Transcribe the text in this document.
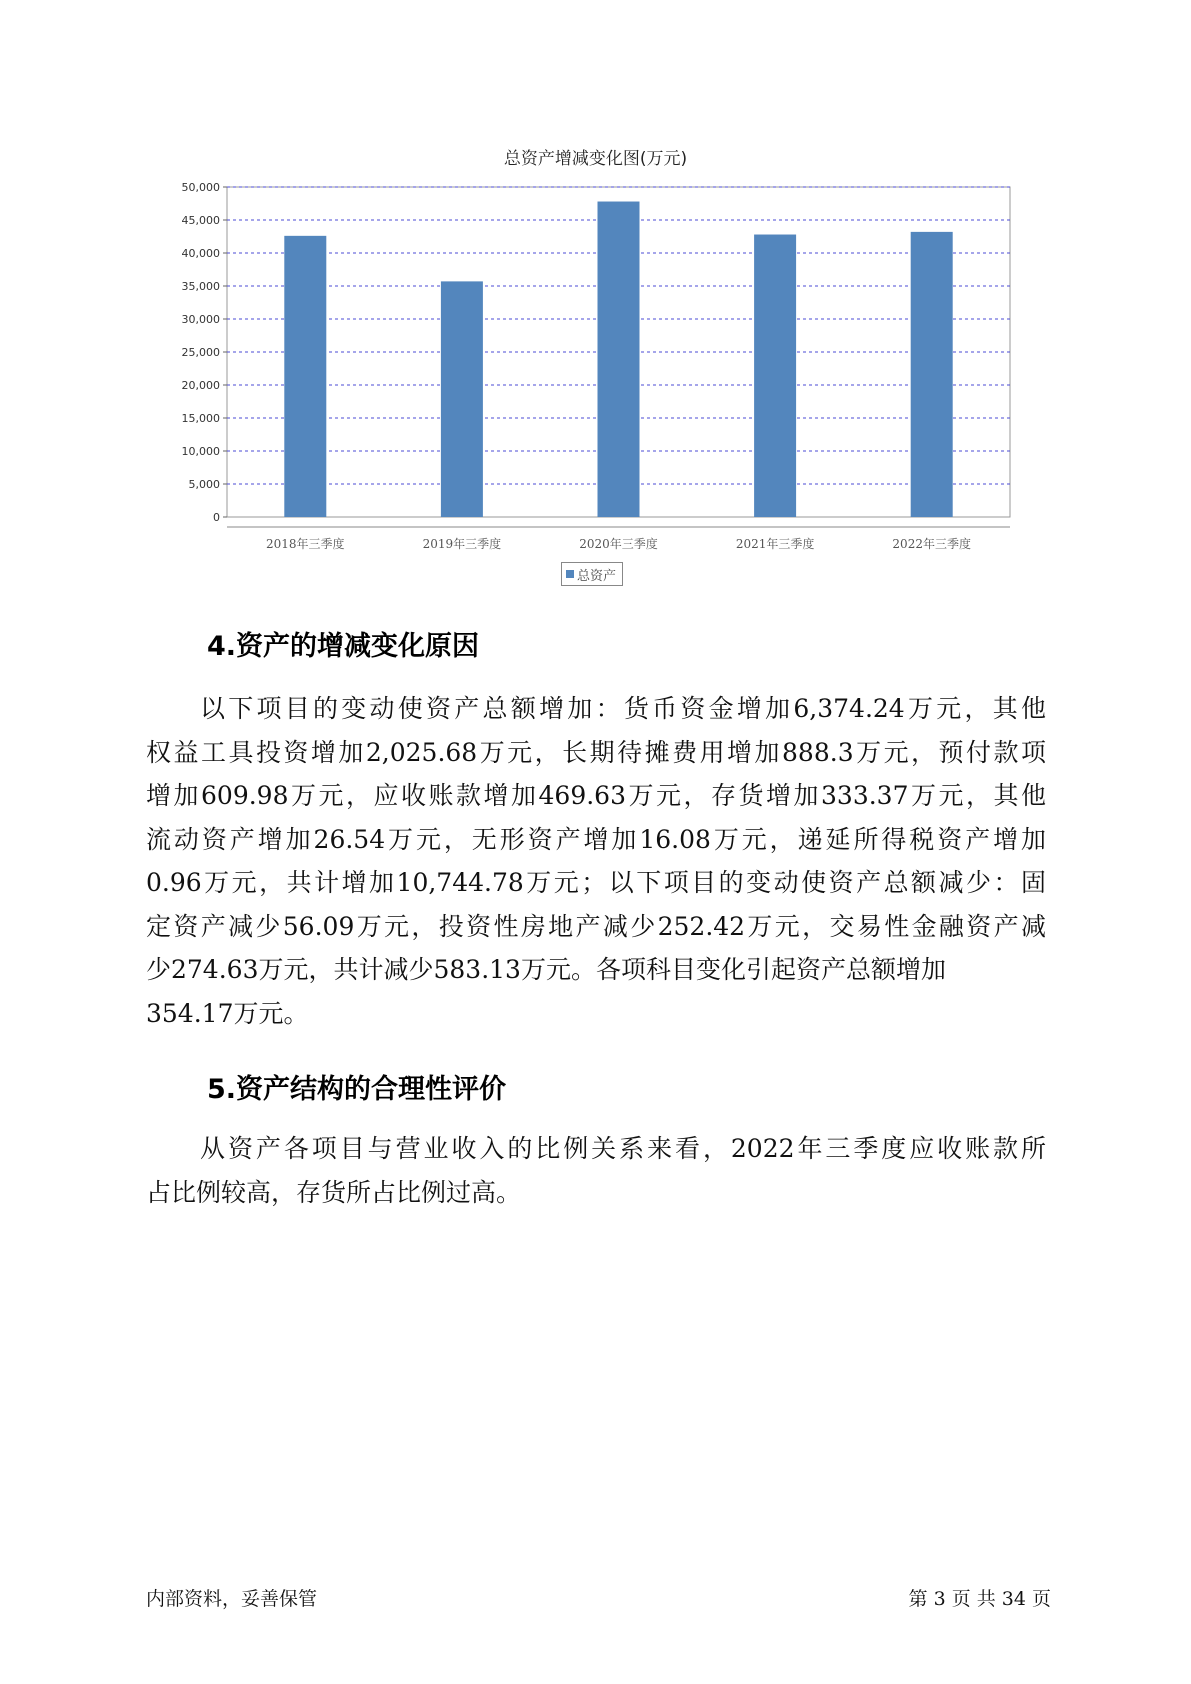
总资产增减变化图(万元)
0
5,000
10,000
15,000
20,000
25,000
30,000
35,000
40,000
45,000
50,000
2018年三季度	2019年三季度	2020年三季度	2021年三季度	2022年三季度
总资产
4.资产的增减变化原因
以下项目的变动使资产总额增加：货币资金增加6,374.24万元，其他
权益工具投资增加2,025.68万元，长期待摊费用增加888.3万元，预付款项
增加609.98万元，应收账款增加469.63万元，存货增加333.37万元，其他
流动资产增加26.54万元，无形资产增加16.08万元，递延所得税资产增加
0.96万元，共计增加10,744.78万元；以下项目的变动使资产总额减少：固
定资产减少56.09万元，投资性房地产减少252.42万元，交易性金融资产减
少274.63万元，共计减少583.13万元。各项科目变化引起资产总额增加
354.17万元。
5.资产结构的合理性评价
从资产各项目与营业收入的比例关系来看，2022年三季度应收账款所
占比例较高，存货所占比例过高。
内部资料，妥善保管	第 3 页 共 34 页
